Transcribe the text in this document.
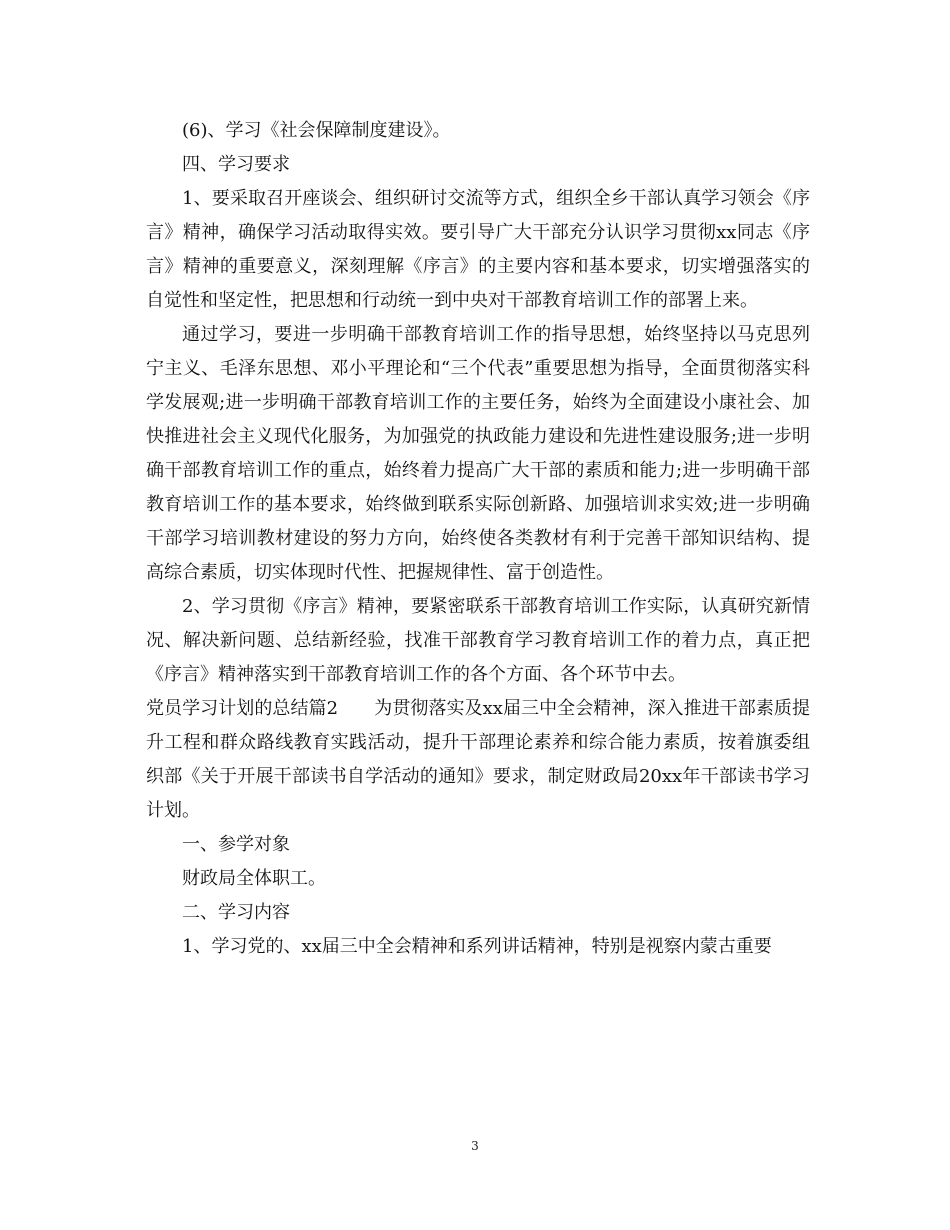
(6)、学习《社会保障制度建设》。

四、学习要求

1、要采取召开座谈会、组织研讨交流等方式，组织全乡干部认真学习领会《序言》精神，确保学习活动取得实效。要引导广大干部充分认识学习贯彻xx同志《序言》精神的重要意义，深刻理解《序言》的主要内容和基本要求，切实增强落实的自觉性和坚定性，把思想和行动统一到中央对干部教育培训工作的部署上来。

通过学习，要进一步明确干部教育培训工作的指导思想，始终坚持以马克思列宁主义、毛泽东思想、邓小平理论和“三个代表”重要思想为指导，全面贯彻落实科学发展观;进一步明确干部教育培训工作的主要任务，始终为全面建设小康社会、加快推进社会主义现代化服务，为加强党的执政能力建设和先进性建设服务;进一步明确干部教育培训工作的重点，始终着力提高广大干部的素质和能力;进一步明确干部教育培训工作的基本要求，始终做到联系实际创新路、加强培训求实效;进一步明确干部学习培训教材建设的努力方向，始终使各类教材有利于完善干部知识结构、提高综合素质，切实体现时代性、把握规律性、富于创造性。

2、学习贯彻《序言》精神，要紧密联系干部教育培训工作实际，认真研究新情况、解决新问题、总结新经验，找准干部教育学习教育培训工作的着力点，真正把《序言》精神落实到干部教育培训工作的各个方面、各个环节中去。

党员学习计划的总结篇2　　为贯彻落实及xx届三中全会精神，深入推进干部素质提升工程和群众路线教育实践活动，提升干部理论素养和综合能力素质，按着旗委组织部《关于开展干部读书自学活动的通知》要求，制定财政局20xx年干部读书学习计划。

一、参学对象

财政局全体职工。

二、学习内容

1、学习党的、xx届三中全会精神和系列讲话精神，特别是视察内蒙古重要

3
